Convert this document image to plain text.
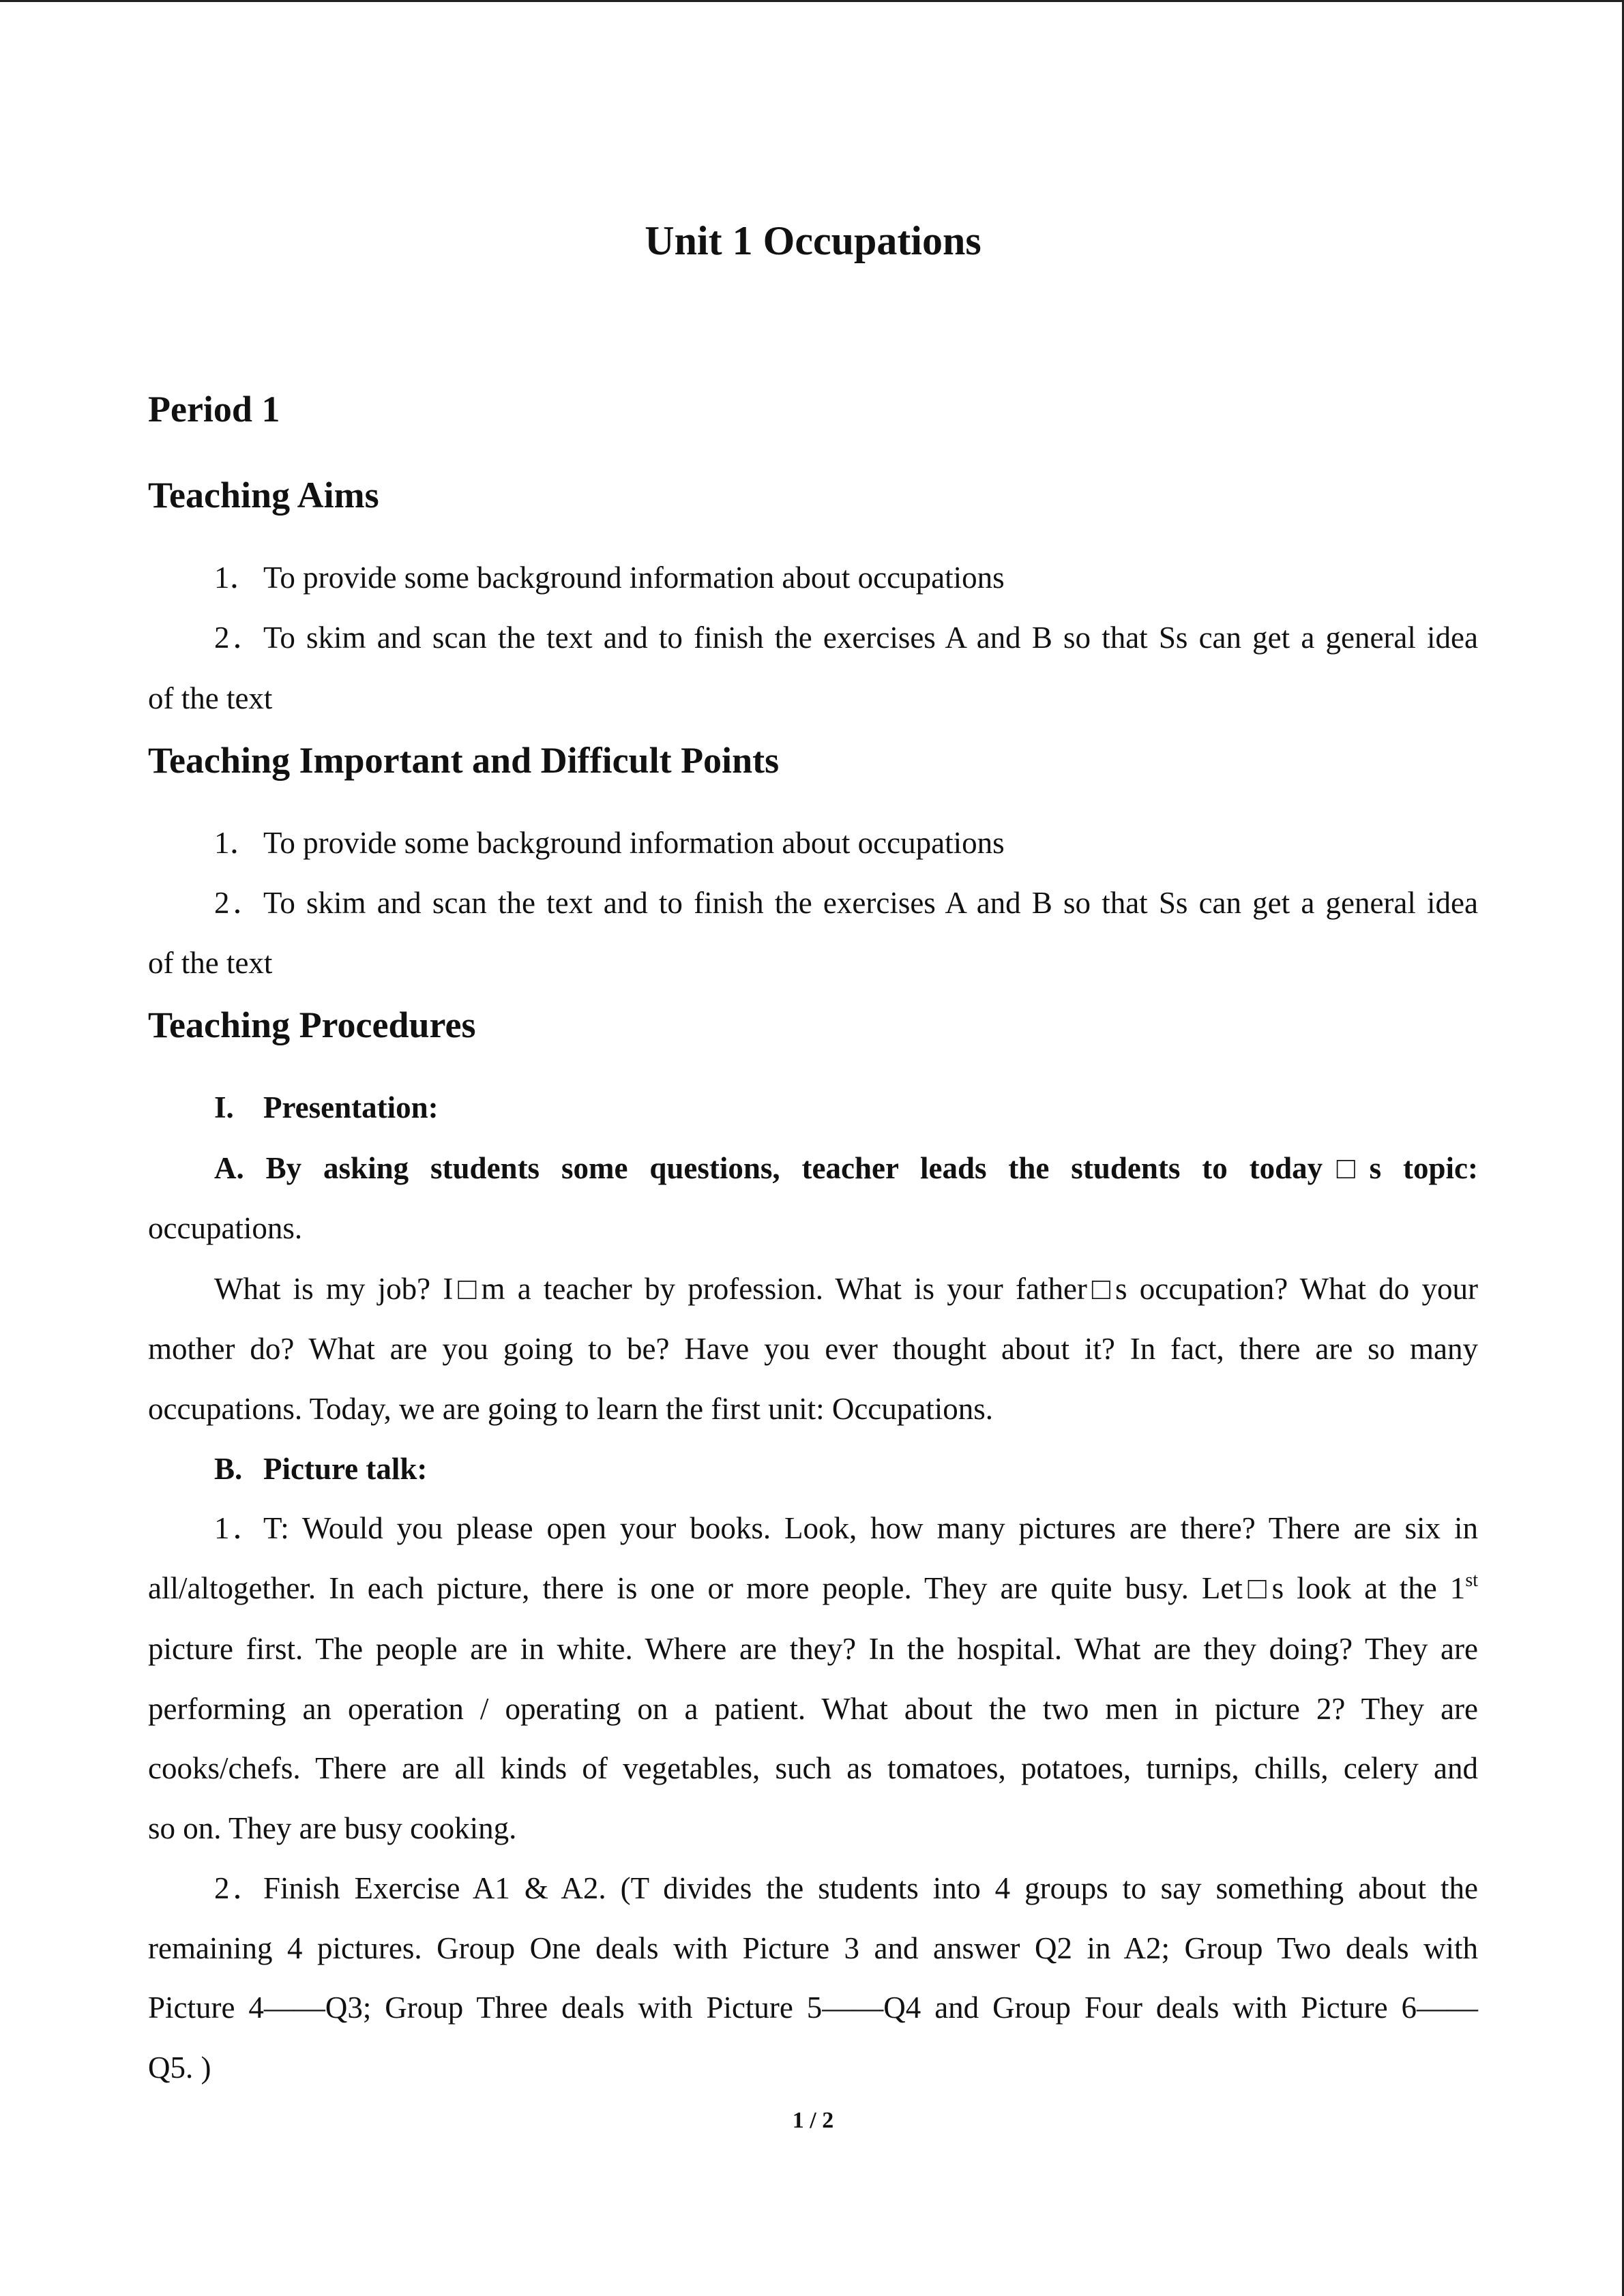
Unit 1 Occupations
Period 1
Teaching Aims
1．To provide some background information about occupations
2．To skim and scan the text and to finish the exercises A and B so that Ss can get a general idea
of the text
Teaching Important and Difficult Points
1．To provide some background information about occupations
2．To skim and scan the text and to finish the exercises A and B so that Ss can get a general idea
of the text
Teaching Procedures
I. Presentation:
A. By asking students some questions, teacher leads the students to today□s topic:
occupations.
What is my job? I□m a teacher by profession. What is your father□s occupation? What do your
mother do? What are you going to be? Have you ever thought about it? In fact, there are so many
occupations. Today, we are going to learn the first unit: Occupations.
B. Picture talk:
1．T: Would you please open your books. Look, how many pictures are there? There are six in
all/altogether. In each picture, there is one or more people. They are quite busy. Let□s look at the 1st
picture first. The people are in white. Where are they? In the hospital. What are they doing? They are
performing an operation / operating on a patient. What about the two men in picture 2? They are
cooks/chefs. There are all kinds of vegetables, such as tomatoes, potatoes, turnips, chills, celery and
so on. They are busy cooking.
2．Finish Exercise A1 & A2. (T divides the students into 4 groups to say something about the
remaining 4 pictures. Group One deals with Picture 3 and answer Q2 in A2; Group Two deals with
Picture 4——Q3; Group Three deals with Picture 5——Q4 and Group Four deals with Picture 6——
Q5. )
1 / 2
